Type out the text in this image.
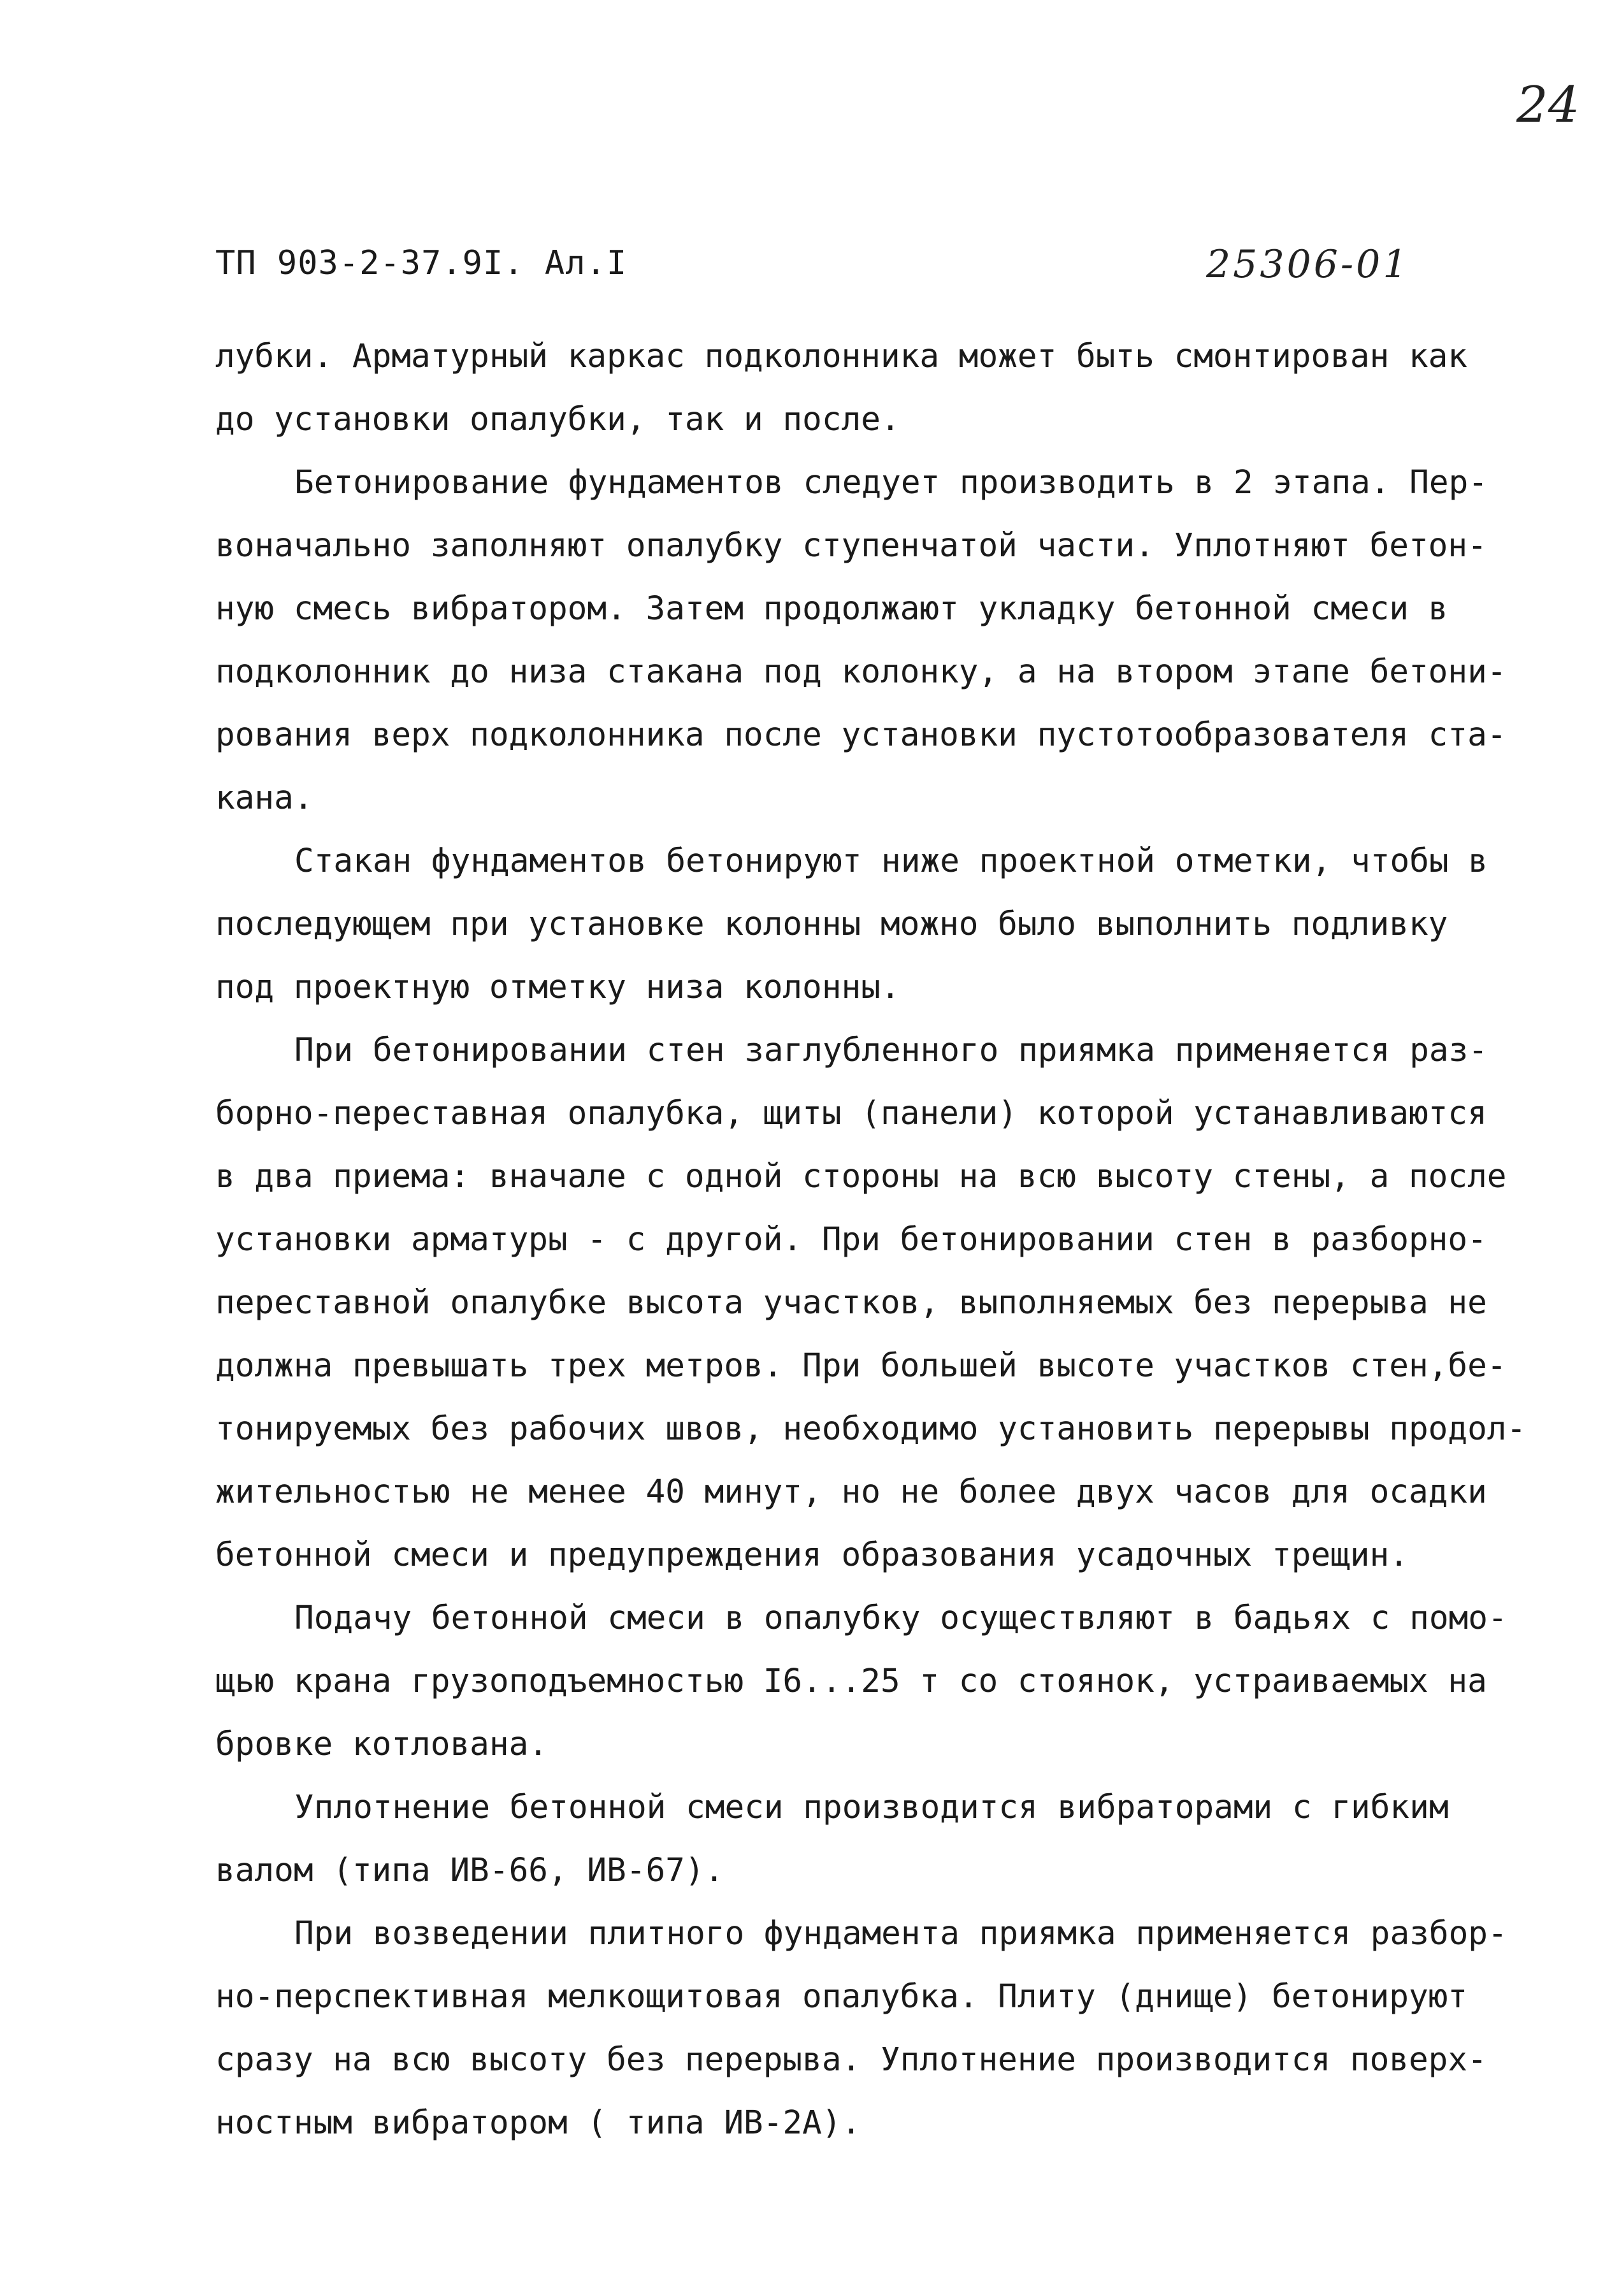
24
ТП 903-2-37.9I. Ал.I	25306-01
лубки. Арматурный каркас подколонника может быть смонтирован как
до установки опалубки, так и после.
Бетонирование фундаментов следует производить в 2 этапа. Пер-
воначально заполняют опалубку ступенчатой части. Уплотняют бетон-
ную смесь вибратором. Затем продолжают укладку бетонной смеси в
подколонник до низа стакана под колонку, а на втором этапе бетони-
рования верх подколонника после установки пустотообразователя ста-
кана.
Стакан фундаментов бетонируют ниже проектной отметки, чтобы в
последующем при установке колонны можно было выполнить подливку
под проектную отметку низа колонны.
При бетонировании стен заглубленного приямка применяется раз-
борно-переставная опалубка, щиты (панели) которой устанавливаются
в два приема: вначале с одной стороны на всю высоту стены, а после
установки арматуры - с другой. При бетонировании стен в разборно-
переставной опалубке высота участков, выполняемых без перерыва не
должна превышать трех метров. При большей высоте участков стен,бе-
тонируемых без рабочих швов, необходимо установить перерывы продол-
жительностью не менее 40 минут, но не более двух часов для осадки
бетонной смеси и предупреждения образования усадочных трещин.
Подачу бетонной смеси в опалубку осуществляют в бадьях с помо-
щью крана грузоподъемностью I6...25 т со стоянок, устраиваемых на
бровке котлована.
Уплотнение бетонной смеси производится вибраторами с гибким
валом (типа ИВ-66, ИВ-67).
При возведении плитного фундамента приямка применяется разбор-
но-перспективная мелкощитовая опалубка. Плиту (днище) бетонируют
сразу на всю высоту без перерыва. Уплотнение производится поверх-
ностным вибратором ( типа ИВ-2А).
